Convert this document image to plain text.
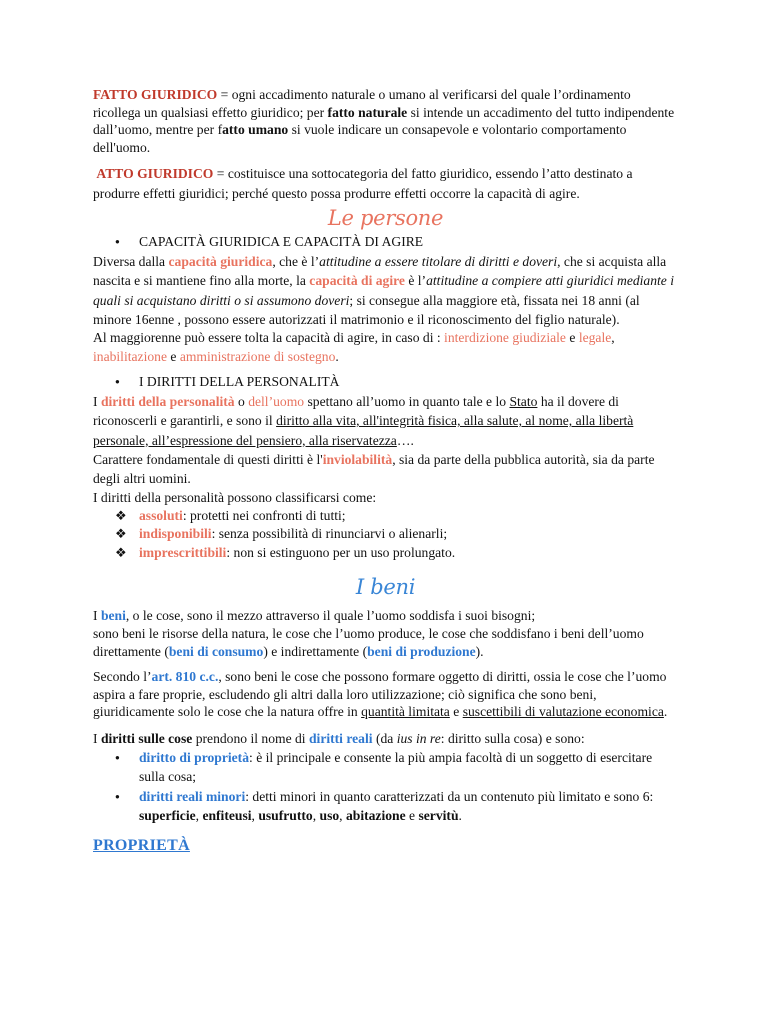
FATTO GIURIDICO = ogni accadimento naturale o umano al verificarsi del quale l’ordinamento ricollega un qualsiasi effetto giuridico; per fatto naturale si intende un accadimento del tutto indipendente dall’uomo, mentre per fatto umano si vuole indicare un consapevole e volontario comportamento dell'uomo.

ATTO GIURIDICO = costituisce una sottocategoria del fatto giuridico, essendo l’atto destinato a produrre effetti giuridici; perché questo possa produrre effetti occorre la capacità di agire.

Le persone

● CAPACITÀ GIURIDICA E CAPACITÀ DI AGIRE

Diversa dalla capacità giuridica, che è l’attitudine a essere titolare di diritti e doveri, che si acquista alla nascita e si mantiene fino alla morte, la capacità di agire è l’attitudine a compiere atti giuridici mediante i quali si acquistano diritti o si assumono doveri; si consegue alla maggiore età, fissata nei 18 anni (al minore 16enne , possono essere autorizzati il matrimonio e il riconoscimento del figlio naturale).

Al maggiorenne può essere tolta la capacità di agire, in caso di : interdizione giudiziale e legale, inabilitazione e amministrazione di sostegno.

● I DIRITTI DELLA PERSONALITÀ

I diritti della personalità o dell’uomo spettano all’uomo in quanto tale e lo Stato ha il dovere di riconoscerli e garantirli, e sono il diritto alla vita, all'integrità fisica, alla salute, al nome, alla libertà personale, all’espressione del pensiero, alla riservatezza….

Carattere fondamentale di questi diritti è l'inviolabilità, sia da parte della pubblica autorità, sia da parte degli altri uomini.

I diritti della personalità possono classificarsi come:

❖ assoluti: protetti nei confronti di tutti;
❖ indisponibili: senza possibilità di rinunciarvi o alienarli;
❖ imprescrittibili: non si estinguono per un uso prolungato.

I beni

I beni, o le cose, sono il mezzo attraverso il quale l’uomo soddisfa i suoi bisogni;

sono beni le risorse della natura, le cose che l’uomo produce, le cose che soddisfano i beni dell’uomo direttamente (beni di consumo) e indirettamente (beni di produzione).

Secondo l’art. 810 c.c., sono beni le cose che possono formare oggetto di diritti, ossia le cose che l’uomo aspira a fare proprie, escludendo gli altri dalla loro utilizzazione; ciò significa che sono beni, giuridicamente solo le cose che la natura offre in quantità limitata e suscettibili di valutazione economica.

I diritti sulle cose prendono il nome di diritti reali (da ius in re: diritto sulla cosa) e sono:

● diritto di proprietà: è il principale e consente la più ampia facoltà di un soggetto di esercitare sulla cosa;
● diritti reali minori: detti minori in quanto caratterizzati da un contenuto più limitato e sono 6: superficie, enfiteusi, usufrutto, uso, abitazione e servitù.

PROPRIETÀ
